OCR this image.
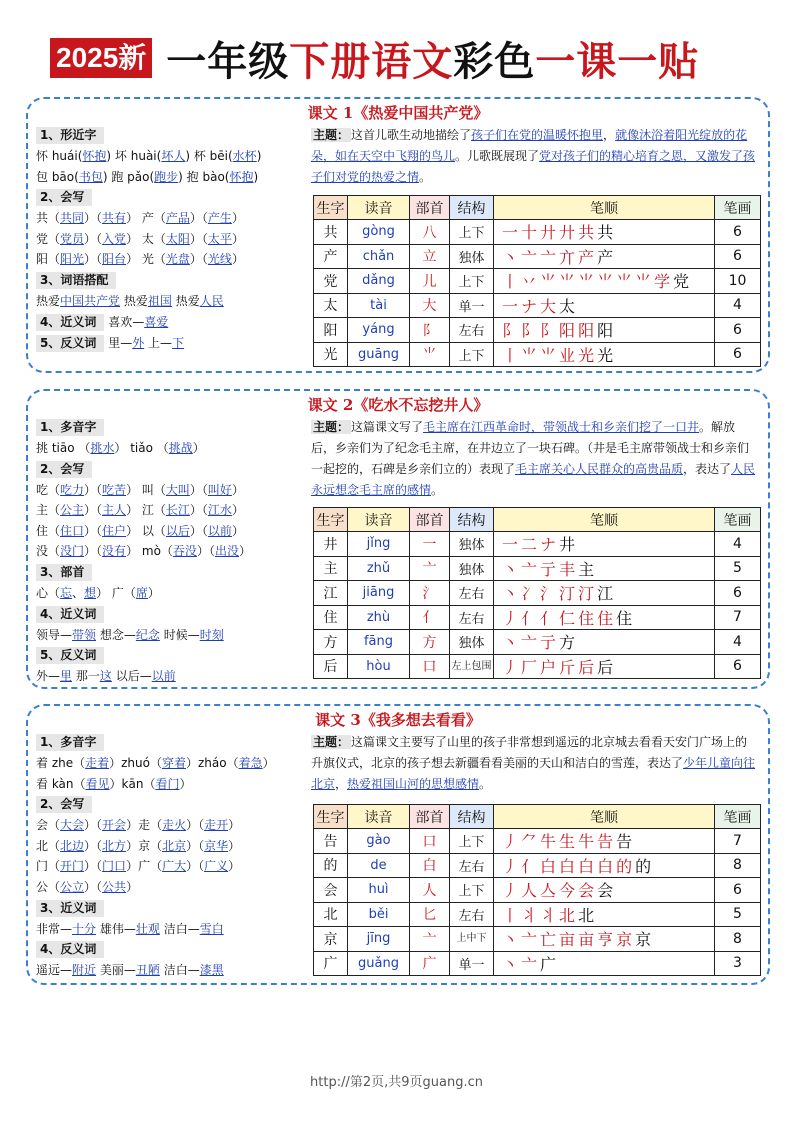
2025新 一年级下册语文彩色一课一贴
课文 1《热爱中国共产党》
1、形近字
怀 huái(怀抱) 坏 huài(坏人) 杯 bēi(水杯)
包 bāo(书包) 跑 pǎo(跑步) 抱 bào(怀抱)
2、会写
共（共同）（共有） 产（产品）（产生）
党（党员）（入党） 太（太阳）（太平）
阳（阳光）（阳台） 光（光盘）（光线）
3、词语搭配
热爱中国共产党 热爱祖国 热爱人民
4、近义词 喜欢—喜爱
5、反义词 里—外 上—下
主题： 这首儿歌生动地描绘了孩子们在党的温暖怀抱里，就像沐浴着阳光绽放的花朵，如在天空中飞翔的鸟儿。儿歌既展现了党对孩子们的精心培育之恩，又激发了孩子们对党的热爱之情。
生字	读音	部首	结构	笔顺	笔画
共	gòng	八	上下	一十廾廾共共	6
产	chǎn	立	独体	丶亠亠亣产产	6
党	dǎng	儿	上下	丨丷⺌⺌⺌⺌⺌⺌学党	10
太	tài	大	单一	一ナ大太	4
阳	yáng	阝	左右	阝阝阝阳阳阳	6
光	guāng	⺌	上下	丨⺌⺌业光光	6
课文 2《吃水不忘挖井人》
1、多音字
挑 tiāo （挑水） tiǎo （挑战）
2、会写
吃（吃力）（吃苦） 叫（大叫）（叫好）
主（公主）（主人） 江（长江）（江水）
住（住口）（住户） 以（以后）（以前）
没（没门）（没有） mò（吞没）（出没）
3、部首
心（忘、想） 广（席）
4、近义词
领导—带领 想念—纪念 时候—时刻
5、反义词
外—里 那一这 以后—以前
主题： 这篇课文写了毛主席在江西革命时，带领战士和乡亲们挖了一口井。解放后，乡亲们为了纪念毛主席，在井边立了一块石碑。（井是毛主席带领战士和乡亲们一起挖的，石碑是乡亲们立的）表现了毛主席关心人民群众的高贵品质，表达了人民永远想念毛主席的感情。
生字	读音	部首	结构	笔顺	笔画
井	jǐng	一	独体	一二ナ井	4
主	zhǔ	亠	独体	丶亠亍丰主	5
江	jiāng	氵	左右	丶冫氵汀汀江	6
住	zhù	亻	左右	丿亻亻仁住住住	7
方	fāng	方	独体	丶亠亍方	4
后	hòu	口	左上包围	丿厂户斤后后	6
课文 3《我多想去看看》
1、多音字
着 zhe（走着）zhuó（穿着）zháo（着急）
看 kàn（看见）kān（看门）
2、会写
会（大会）（开会）走（走火）（走开）
北（北边）（北方）京（北京）（京华）
门（开门）（门口）广（广大）（广义）
公（公立）（公共）
3、近义词
非常—十分 雄伟—壮观 洁白—雪白
4、反义词
遥远—附近 美丽—丑陋 洁白—漆黑
主题： 这篇课文主要写了山里的孩子非常想到遥远的北京城去看看天安门广场上的升旗仪式，北京的孩子想去新疆看看美丽的天山和洁白的雪莲，表达了少年儿童向往北京，热爱祖国山河的思想感情。
生字	读音	部首	结构	笔顺	笔画
告	gào	口	上下	丿⺈牛生牛告告	7
的	de	白	左右	丿亻白白白白的的	8
会	huì	人	上下	丿人亼今会会	6
北	běi	匕	左右	丨丬丬北北	5
京	jīng	亠	上中下	丶亠亡亩亩亨京京	8
广	guǎng	广	单一	丶亠广	3
http://第2页,共9页guang.cn
